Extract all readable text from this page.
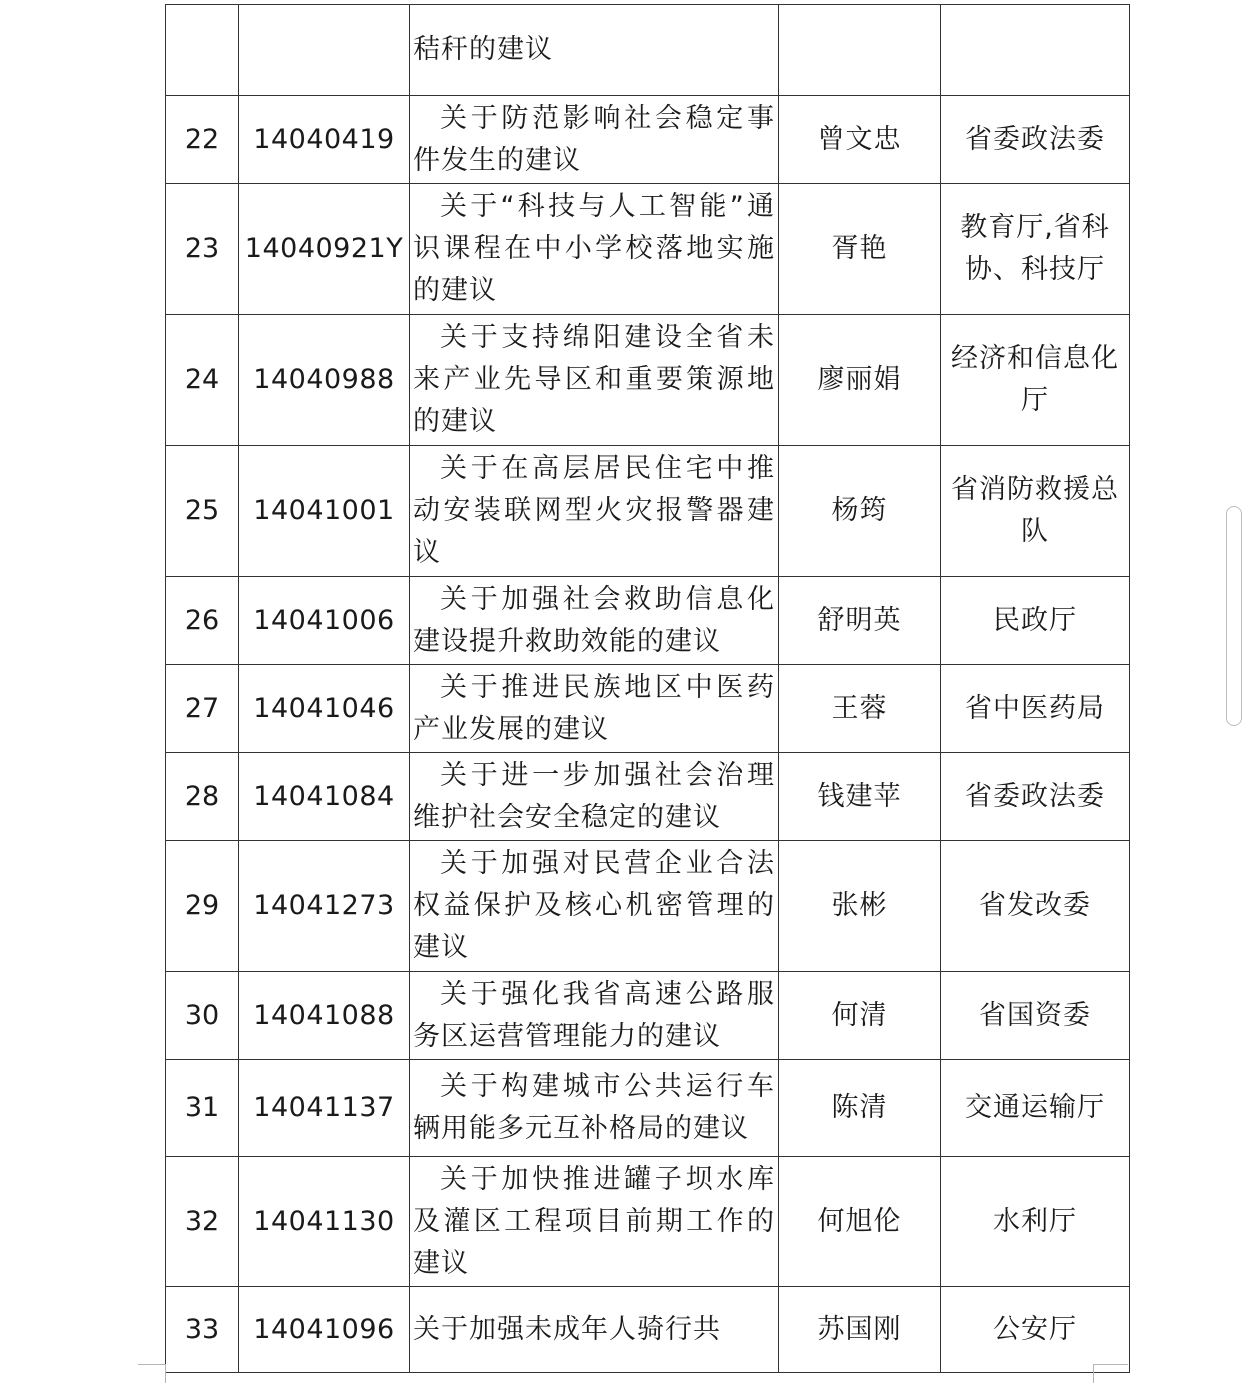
		秸秆的建议		
22	14040419	关于防范影响社会稳定事件发生的建议	曾文忠	省委政法委
23	14040921Y	关于“科技与人工智能”通识课程在中小学校落地实施的建议	胥艳	教育厅,省科协、科技厅
24	14040988	关于支持绵阳建设全省未来产业先导区和重要策源地的建议	廖丽娟	经济和信息化厅
25	14041001	关于在高层居民住宅中推动安装联网型火灾报警器建议	杨筠	省消防救援总队
26	14041006	关于加强社会救助信息化建设提升救助效能的建议	舒明英	民政厅
27	14041046	关于推进民族地区中医药产业发展的建议	王蓉	省中医药局
28	14041084	关于进一步加强社会治理维护社会安全稳定的建议	钱建苹	省委政法委
29	14041273	关于加强对民营企业合法权益保护及核心机密管理的建议	张彬	省发改委
30	14041088	关于强化我省高速公路服务区运营管理能力的建议	何清	省国资委
31	14041137	关于构建城市公共运行车辆用能多元互补格局的建议	陈清	交通运输厅
32	14041130	关于加快推进罐子坝水库及灌区工程项目前期工作的建议	何旭伦	水利厅
33	14041096	关于加强未成年人骑行共	苏国刚	公安厅
